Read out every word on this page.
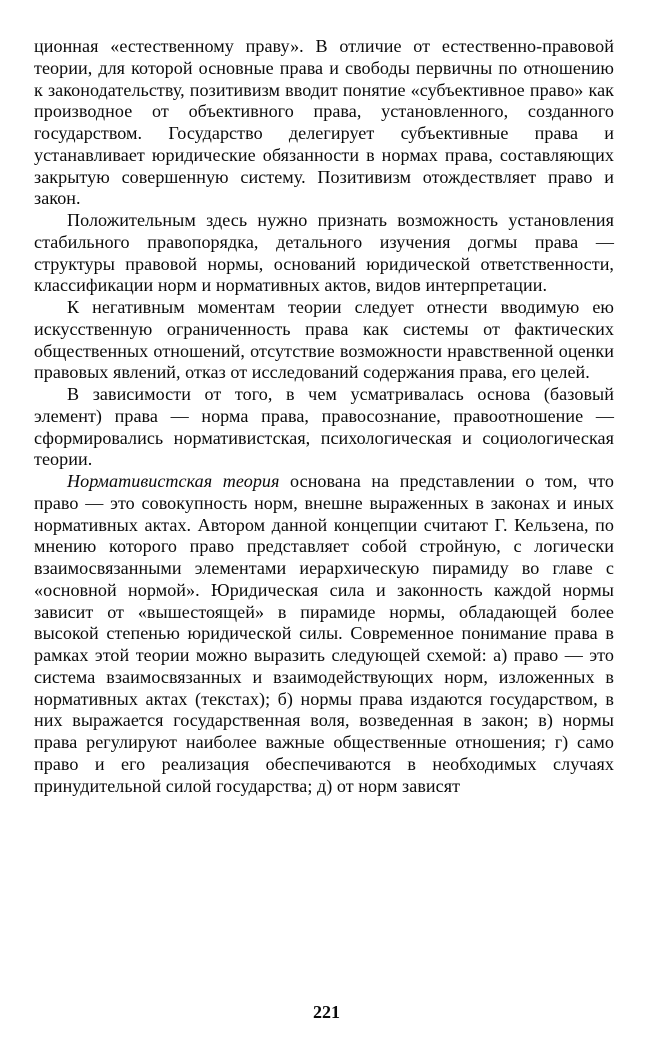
ционная «естественному праву». В отличие от естественно-правовой теории, для которой основные права и свободы первичны по отношению к законодательству, позитивизм вводит понятие «субъективное право» как производное от объективного права, установленного, созданного государством. Государство делегирует субъективные права и устанавливает юридические обязанности в нормах права, составляющих закрытую совершенную систему. Позитивизм отождествляет право и закон.

Положительным здесь нужно признать возможность установления стабильного правопорядка, детального изучения догмы права — структуры правовой нормы, оснований юридической ответственности, классификации норм и нормативных актов, видов интерпретации.

К негативным моментам теории следует отнести вводимую ею искусственную ограниченность права как системы от фактических общественных отношений, отсутствие возможности нравственной оценки правовых явлений, отказ от исследований содержания права, его целей.

В зависимости от того, в чем усматривалась основа (базовый элемент) права — норма права, правосознание, правоотношение — сформировались нормативистская, психологическая и социологическая теории.

Нормативистская теория основана на представлении о том, что право — это совокупность норм, внешне выраженных в законах и иных нормативных актах. Автором данной концепции считают Г. Кельзена, по мнению которого право представляет собой стройную, с логически взаимосвязанными элементами иерархическую пирамиду во главе с «основной нормой». Юридическая сила и законность каждой нормы зависит от «вышестоящей» в пирамиде нормы, обладающей более высокой степенью юридической силы. Современное понимание права в рамках этой теории можно выразить следующей схемой: а) право — это система взаимосвязанных и взаимодействующих норм, изложенных в нормативных актах (текстах); б) нормы права издаются государством, в них выражается государственная воля, возведенная в закон; в) нормы права регулируют наиболее важные общественные отношения; г) само право и его реализация обеспечиваются в необходимых случаях принудительной силой государства; д) от норм зависят

221
